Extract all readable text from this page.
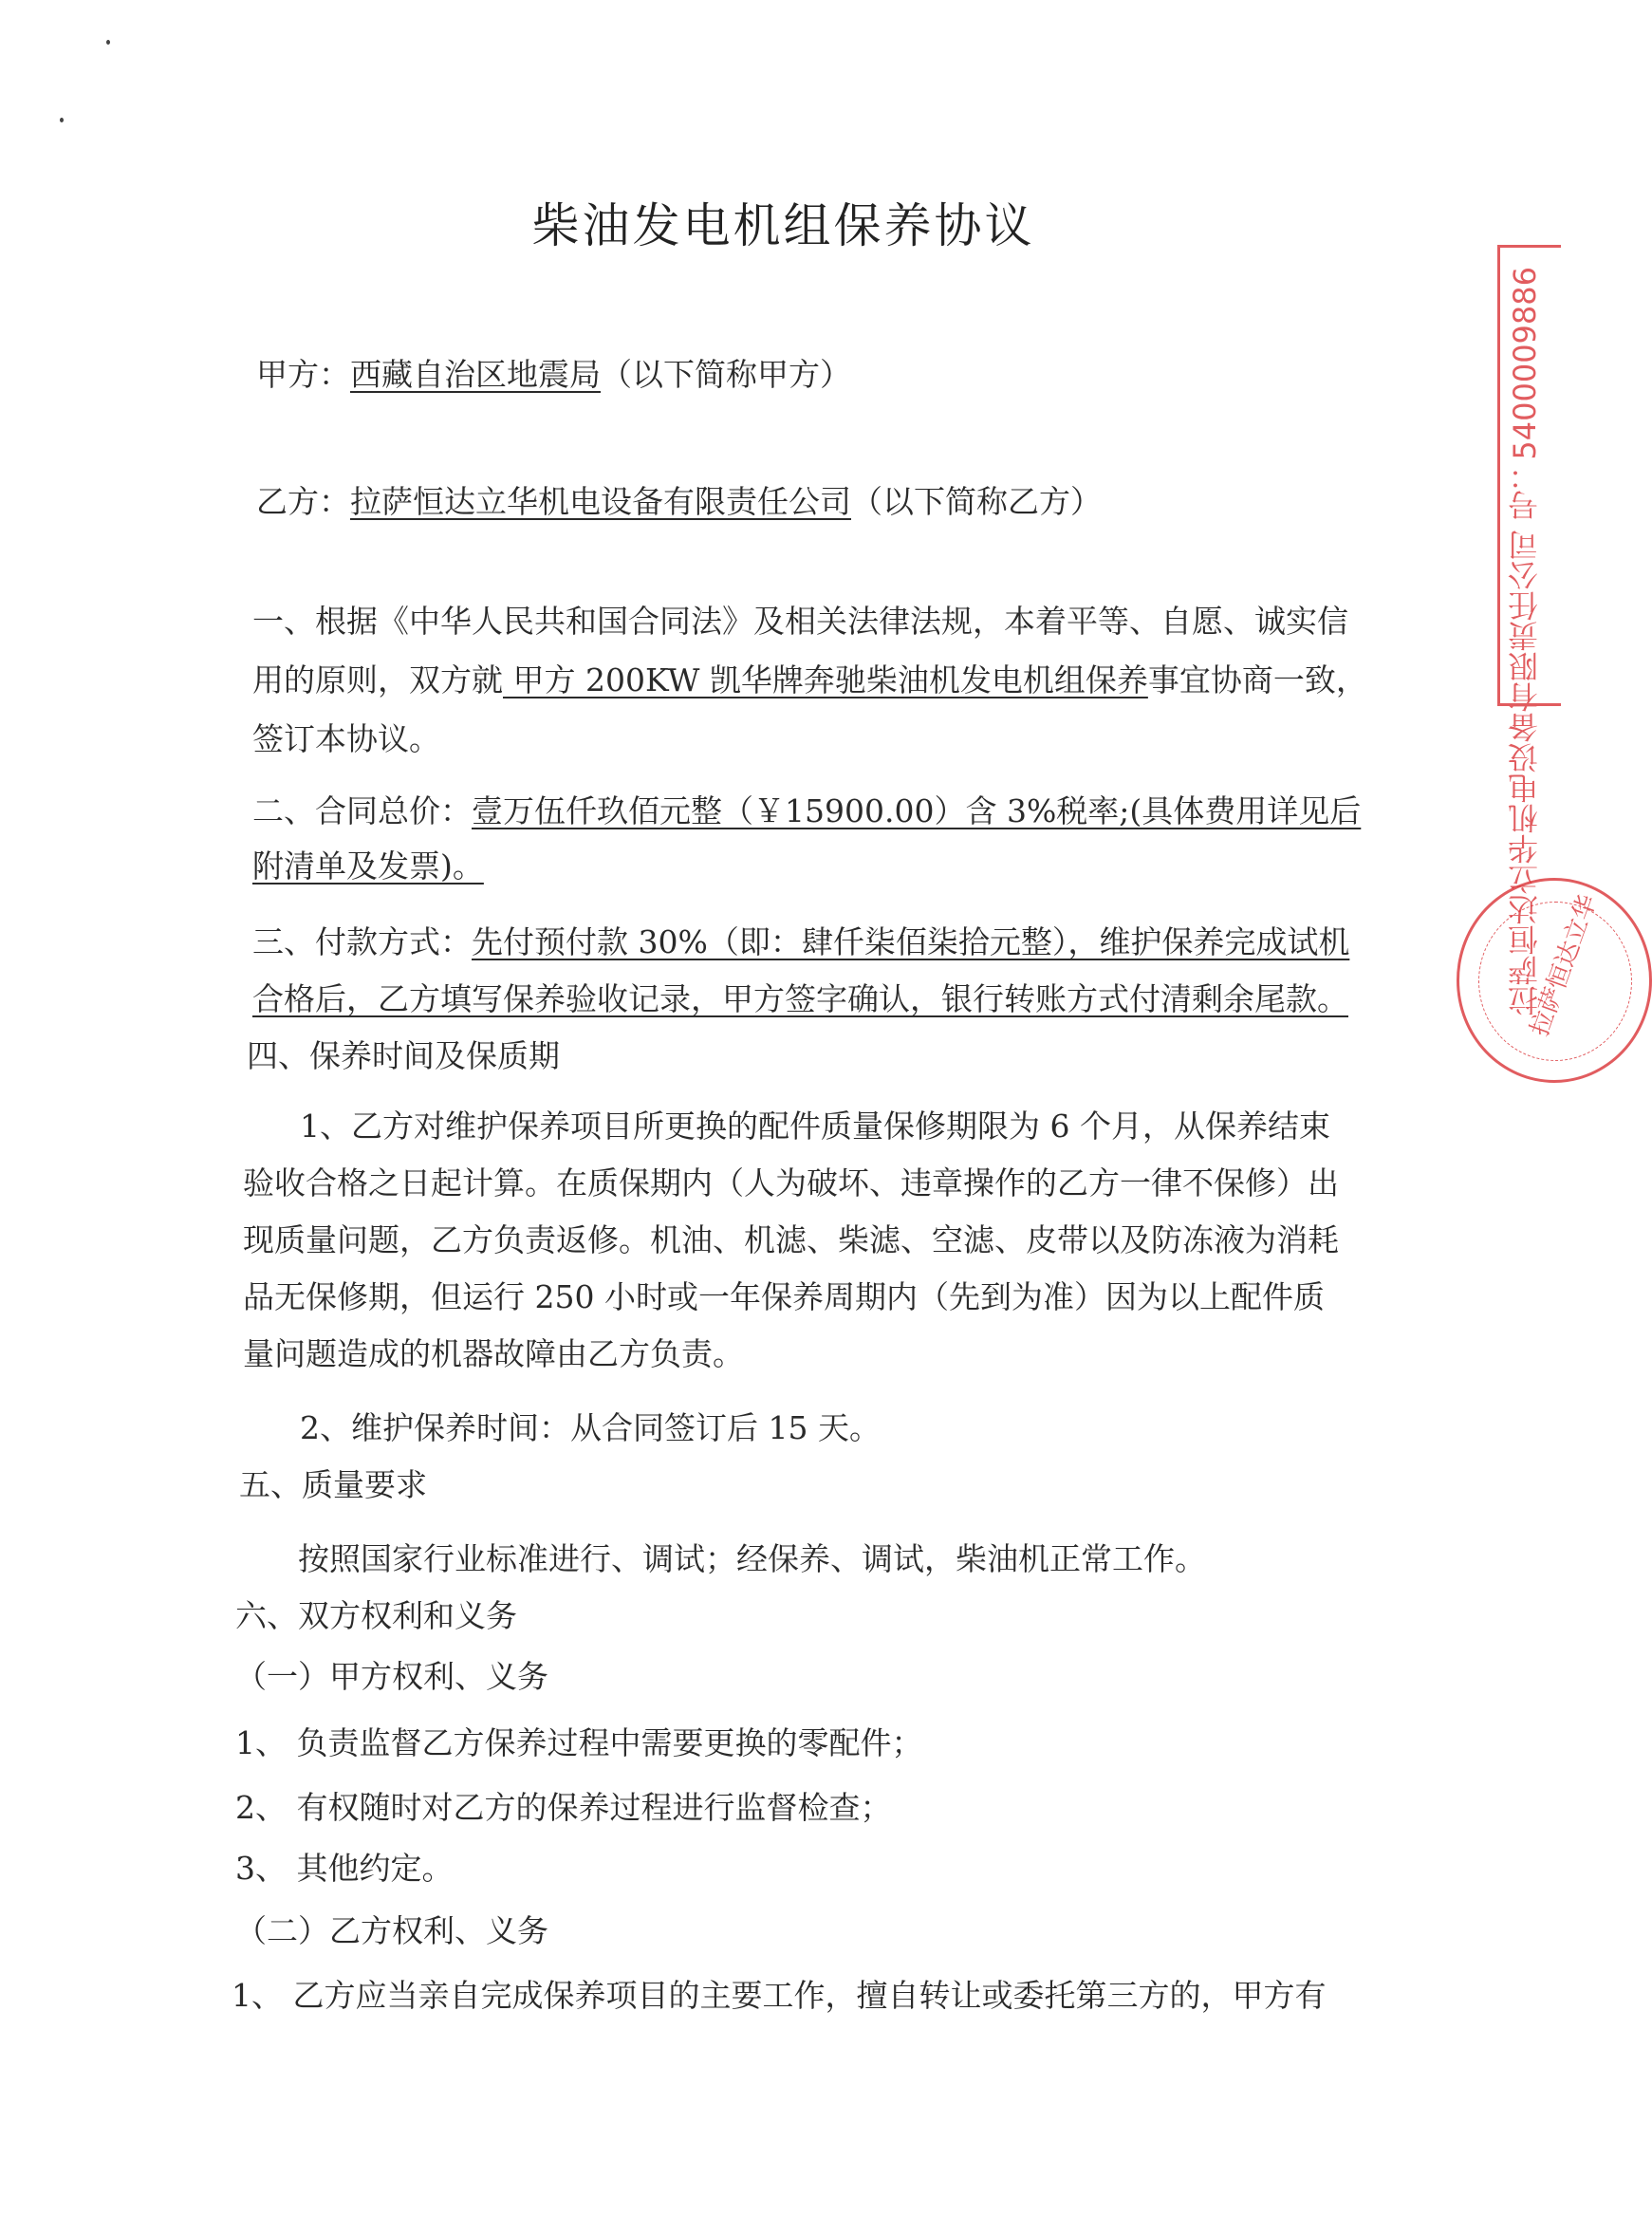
柴油发电机组保养协议
甲方：西藏自治区地震局（以下简称甲方）
乙方：拉萨恒达立华机电设备有限责任公司（以下简称乙方）
一、根据《中华人民共和国合同法》及相关法律法规，本着平等、自愿、诚实信
用的原则，双方就 甲方 200KW 凯华牌奔驰柴油机发电机组保养事宜协商一致，
签订本协议。
二、合同总价：壹万伍仟玖佰元整（￥15900.00）含 3%税率;(具体费用详见后
附清单及发票)。
三、付款方式：先付预付款 30%（即：肆仟柒佰柒拾元整），维护保养完成试机
合格后，乙方填写保养验收记录，甲方签字确认，银行转账方式付清剩余尾款。
四、保养时间及保质期
1、乙方对维护保养项目所更换的配件质量保修期限为 6 个月，从保养结束
验收合格之日起计算。在质保期内（人为破坏、违章操作的乙方一律不保修）出
现质量问题，乙方负责返修。机油、机滤、柴滤、空滤、皮带以及防冻液为消耗
品无保修期，但运行 250 小时或一年保养周期内（先到为准）因为以上配件质
量问题造成的机器故障由乙方负责。
2、维护保养时间：从合同签订后 15 天。
五、质量要求
按照国家行业标准进行、调试；经保养、调试，柴油机正常工作。
六、双方权利和义务
（一）甲方权利、义务
1、 负责监督乙方保养过程中需要更换的零配件；
2、 有权随时对乙方的保养过程进行监督检查；
3、 其他约定。
（二）乙方权利、义务
1、 乙方应当亲自完成保养项目的主要工作，擅自转让或委托第三方的，甲方有
拉萨恒达立华机电设备有限责任公司 号：5400009886
拉萨恒达立华
